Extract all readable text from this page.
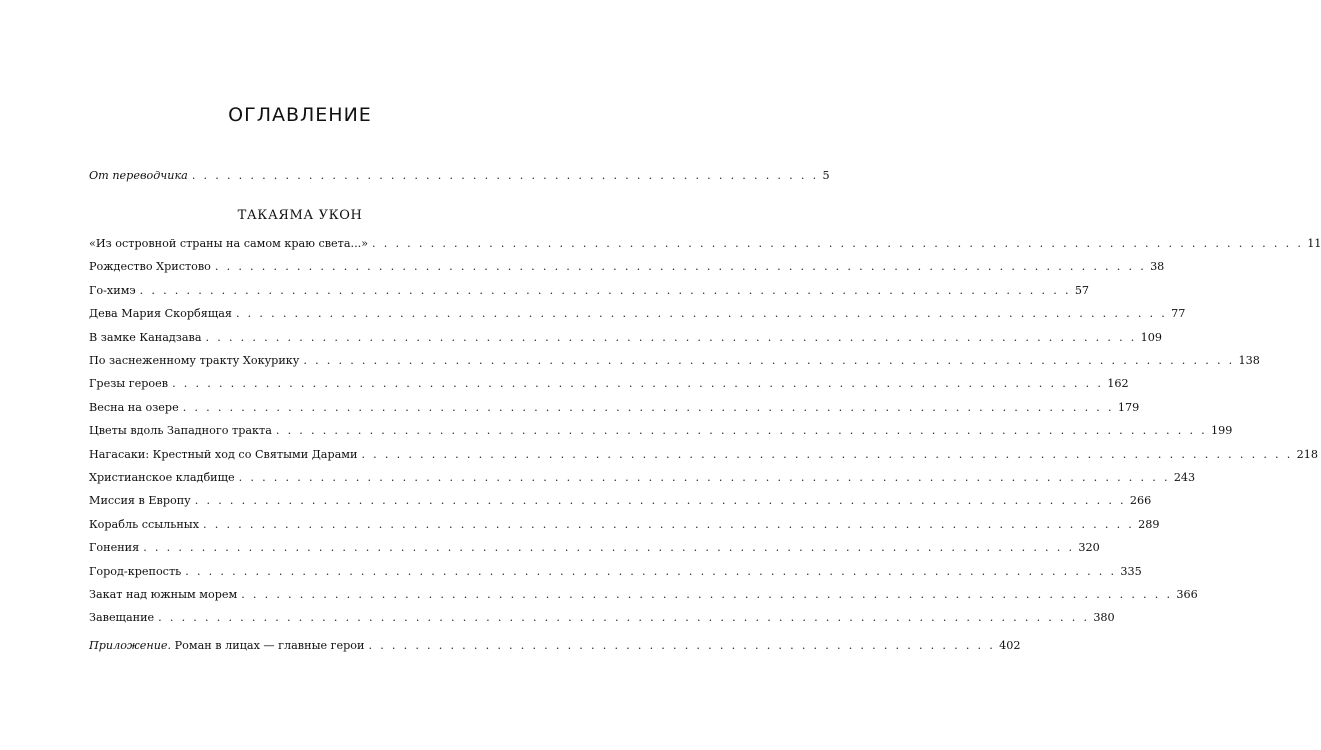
ОГЛАВЛЕНИЕ
От переводчика . . . . . . . . . . . . . . . . . . . . . . . . . . . . . . . . . . . . . . . . . . . . . . . . . . . . . . 5
ТАКАЯМА УКОН
«Из островной страны на самом краю света...» . . . . . . . . . . . . . . . . . . . . . . . . . . . . . . . . . . . . . . . . . . . . . . . . . . . . . . . . . . . . . . . . . . . . . . . . . . . . . . . . 11
Рождество Христово . . . . . . . . . . . . . . . . . . . . . . . . . . . . . . . . . . . . . . . . . . . . . . . . . . . . . . . . . . . . . . . . . . . . . . . . . . . . . . . . 38
Го-химэ . . . . . . . . . . . . . . . . . . . . . . . . . . . . . . . . . . . . . . . . . . . . . . . . . . . . . . . . . . . . . . . . . . . . . . . . . . . . . . . . 57
Дева Мария Скорбящая . . . . . . . . . . . . . . . . . . . . . . . . . . . . . . . . . . . . . . . . . . . . . . . . . . . . . . . . . . . . . . . . . . . . . . . . . . . . . . . . 77
В замке Канадзава . . . . . . . . . . . . . . . . . . . . . . . . . . . . . . . . . . . . . . . . . . . . . . . . . . . . . . . . . . . . . . . . . . . . . . . . . . . . . . . . 109
По заснеженному тракту Хокурику . . . . . . . . . . . . . . . . . . . . . . . . . . . . . . . . . . . . . . . . . . . . . . . . . . . . . . . . . . . . . . . . . . . . . . . . . . . . . . . . 138
Грезы героев . . . . . . . . . . . . . . . . . . . . . . . . . . . . . . . . . . . . . . . . . . . . . . . . . . . . . . . . . . . . . . . . . . . . . . . . . . . . . . . . 162
Весна на озере . . . . . . . . . . . . . . . . . . . . . . . . . . . . . . . . . . . . . . . . . . . . . . . . . . . . . . . . . . . . . . . . . . . . . . . . . . . . . . . . 179
Цветы вдоль Западного тракта . . . . . . . . . . . . . . . . . . . . . . . . . . . . . . . . . . . . . . . . . . . . . . . . . . . . . . . . . . . . . . . . . . . . . . . . . . . . . . . . 199
Нагасаки: Крестный ход со Святыми Дарами . . . . . . . . . . . . . . . . . . . . . . . . . . . . . . . . . . . . . . . . . . . . . . . . . . . . . . . . . . . . . . . . . . . . . . . . . . . . . . . . 218
Христианское кладбище . . . . . . . . . . . . . . . . . . . . . . . . . . . . . . . . . . . . . . . . . . . . . . . . . . . . . . . . . . . . . . . . . . . . . . . . . . . . . . . . 243
Миссия в Европу . . . . . . . . . . . . . . . . . . . . . . . . . . . . . . . . . . . . . . . . . . . . . . . . . . . . . . . . . . . . . . . . . . . . . . . . . . . . . . . . 266
Корабль ссыльных . . . . . . . . . . . . . . . . . . . . . . . . . . . . . . . . . . . . . . . . . . . . . . . . . . . . . . . . . . . . . . . . . . . . . . . . . . . . . . . . 289
Гонения . . . . . . . . . . . . . . . . . . . . . . . . . . . . . . . . . . . . . . . . . . . . . . . . . . . . . . . . . . . . . . . . . . . . . . . . . . . . . . . . 320
Город-крепость . . . . . . . . . . . . . . . . . . . . . . . . . . . . . . . . . . . . . . . . . . . . . . . . . . . . . . . . . . . . . . . . . . . . . . . . . . . . . . . . 335
Закат над южным морем . . . . . . . . . . . . . . . . . . . . . . . . . . . . . . . . . . . . . . . . . . . . . . . . . . . . . . . . . . . . . . . . . . . . . . . . . . . . . . . . 366
Завещание . . . . . . . . . . . . . . . . . . . . . . . . . . . . . . . . . . . . . . . . . . . . . . . . . . . . . . . . . . . . . . . . . . . . . . . . . . . . . . . . 380
Приложение. Роман в лицах — главные герои . . . . . . . . . . . . . . . . . . . . . . . . . . . . . . . . . . . . . . . . . . . . . . . . . . . . . . 402
